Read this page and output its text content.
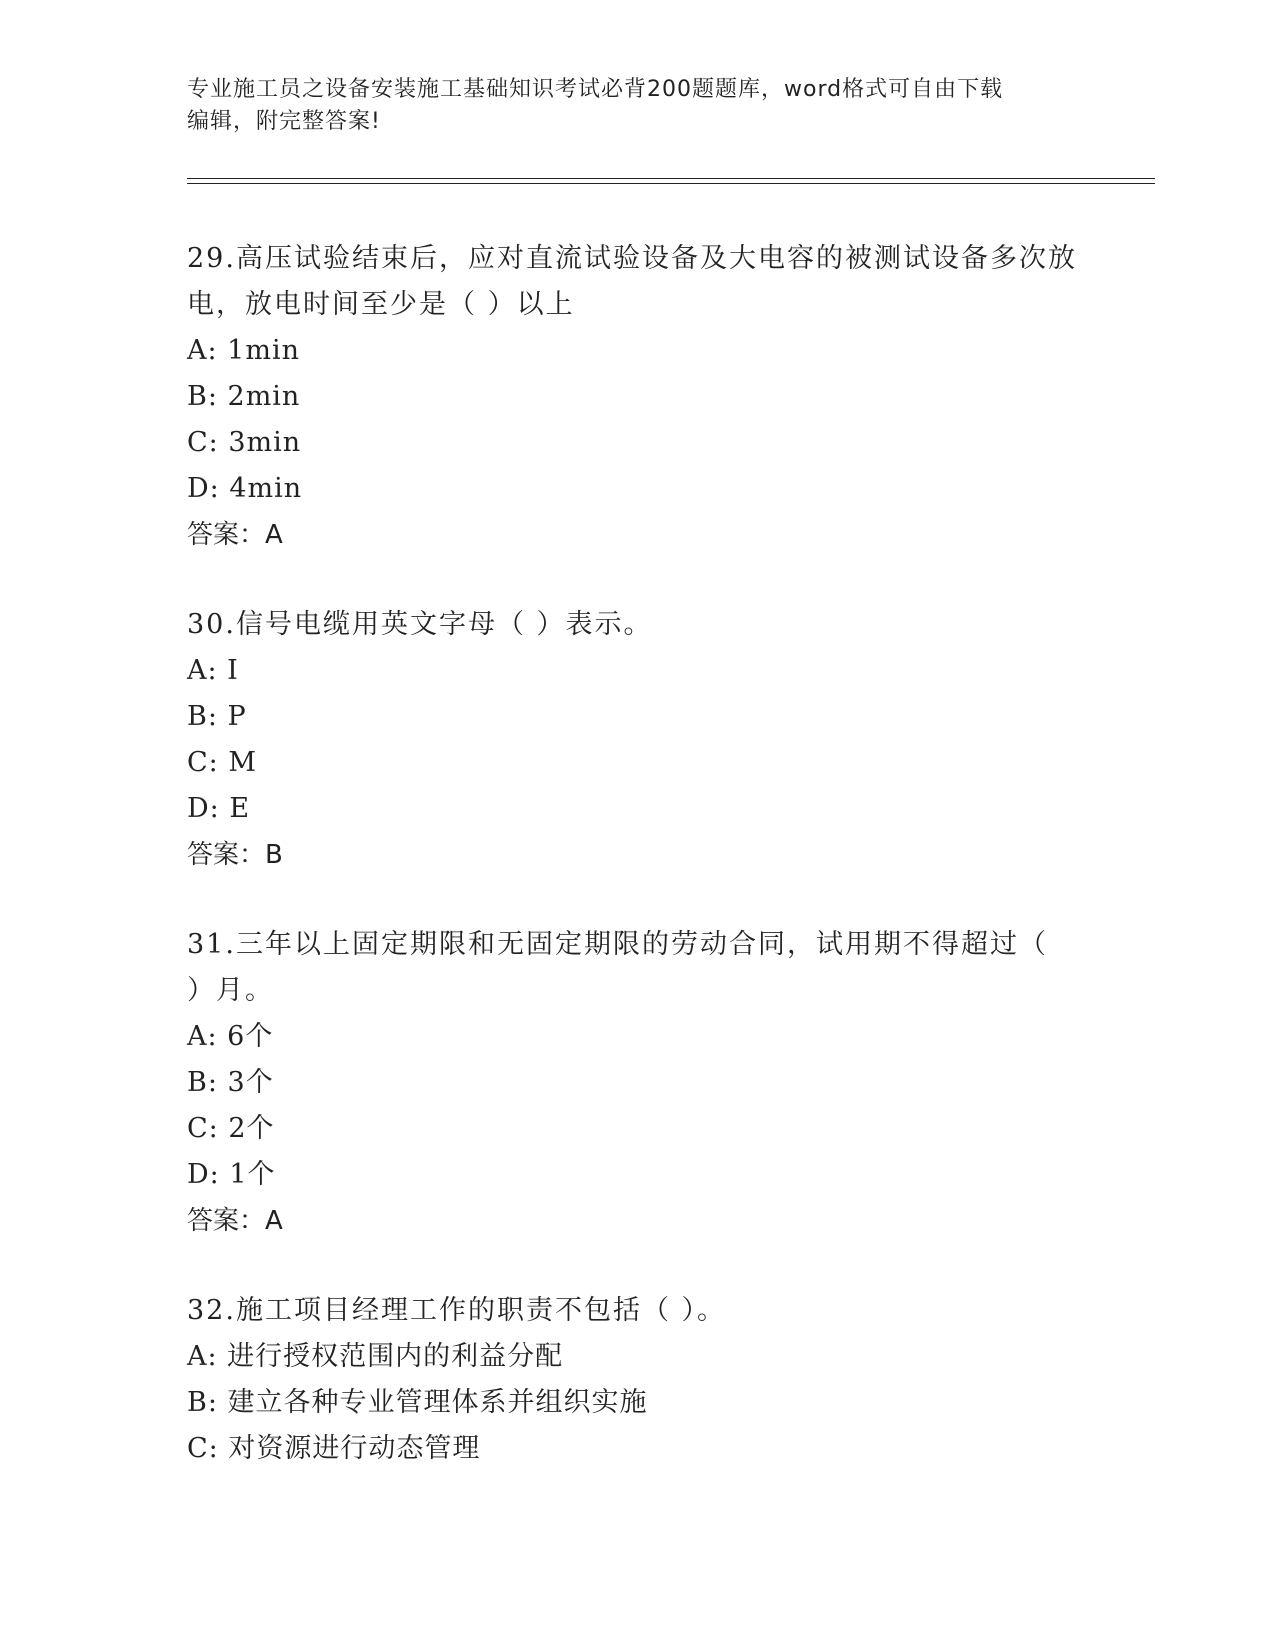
专业施工员之设备安装施工基础知识考试必背200题题库，word格式可自由下载
编辑，附完整答案!
29.高压试验结束后，应对直流试验设备及大电容的被测试设备多次放
电，放电时间至少是（ ）以上
A: 1min
B: 2min
C: 3min
D: 4min
答案：A
30.信号电缆用英文字母（ ）表示。
A: I
B: P
C: M
D: E
答案：B
31.三年以上固定期限和无固定期限的劳动合同，试用期不得超过（
）月。
A: 6个
B: 3个
C: 2个
D: 1个
答案：A
32.施工项目经理工作的职责不包括（ ）。
A: 进行授权范围内的利益分配
B: 建立各种专业管理体系并组织实施
C: 对资源进行动态管理
